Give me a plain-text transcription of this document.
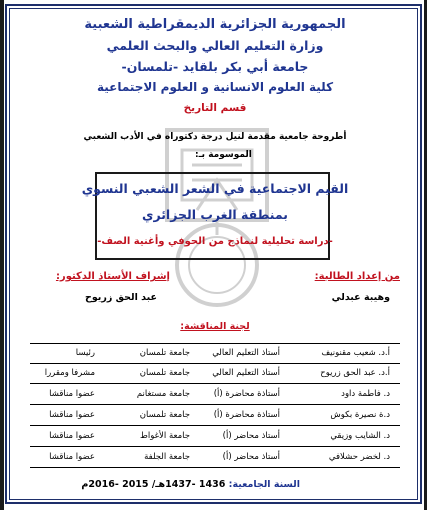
الجمهورية الجزائرية الديمقراطية الشعبية
وزارة التعليم العالي والبحث العلمي
جامعة أبي بكر بلقايد -تلمسان-
كلية العلوم الانسانية و العلوم الاجتماعية
قسم التاريخ
أطروحة جامعية مقدمة لنيل درجة دكتوراه في الأدب الشعبي
الموسومة بـ:
القيم الاجتماعية في الشعر الشعبي النسوي
بمنطقة الغرب الجزائري
-دراسة تحليلية لنماذج من الحوفي وأغنية الصف-
من إعداد الطالبة:
إشراف الأستاذ الدكتور:
وهيبة عبدلي
عبد الحق زريوح
لجنة المناقشة:
أ.د. شعيب مقنونيف
أستاذ التعليم العالي
جامعة تلمسان
رئيسا
أ.د. عبد الحق زريوح
أستاذ التعليم العالي
جامعة تلمسان
مشرفا ومقررا
د. فاطمة داود
أستاذة محاضرة (أ)
جامعة مستغانم
عضوا مناقشا
د.ة نصيرة بكوش
أستاذة محاضرة (أ)
جامعة تلمسان
عضوا مناقشا
د. الشايب وزيقي
أستاذ محاضر (أ)
جامعة الأغواط
عضوا مناقشا
د. لخضر حشلافي
أستاذ محاضر (أ)
جامعة الجلفة
عضوا مناقشا
السنة الجامعية: 1436 -1437هـ/ 2015 -2016م
